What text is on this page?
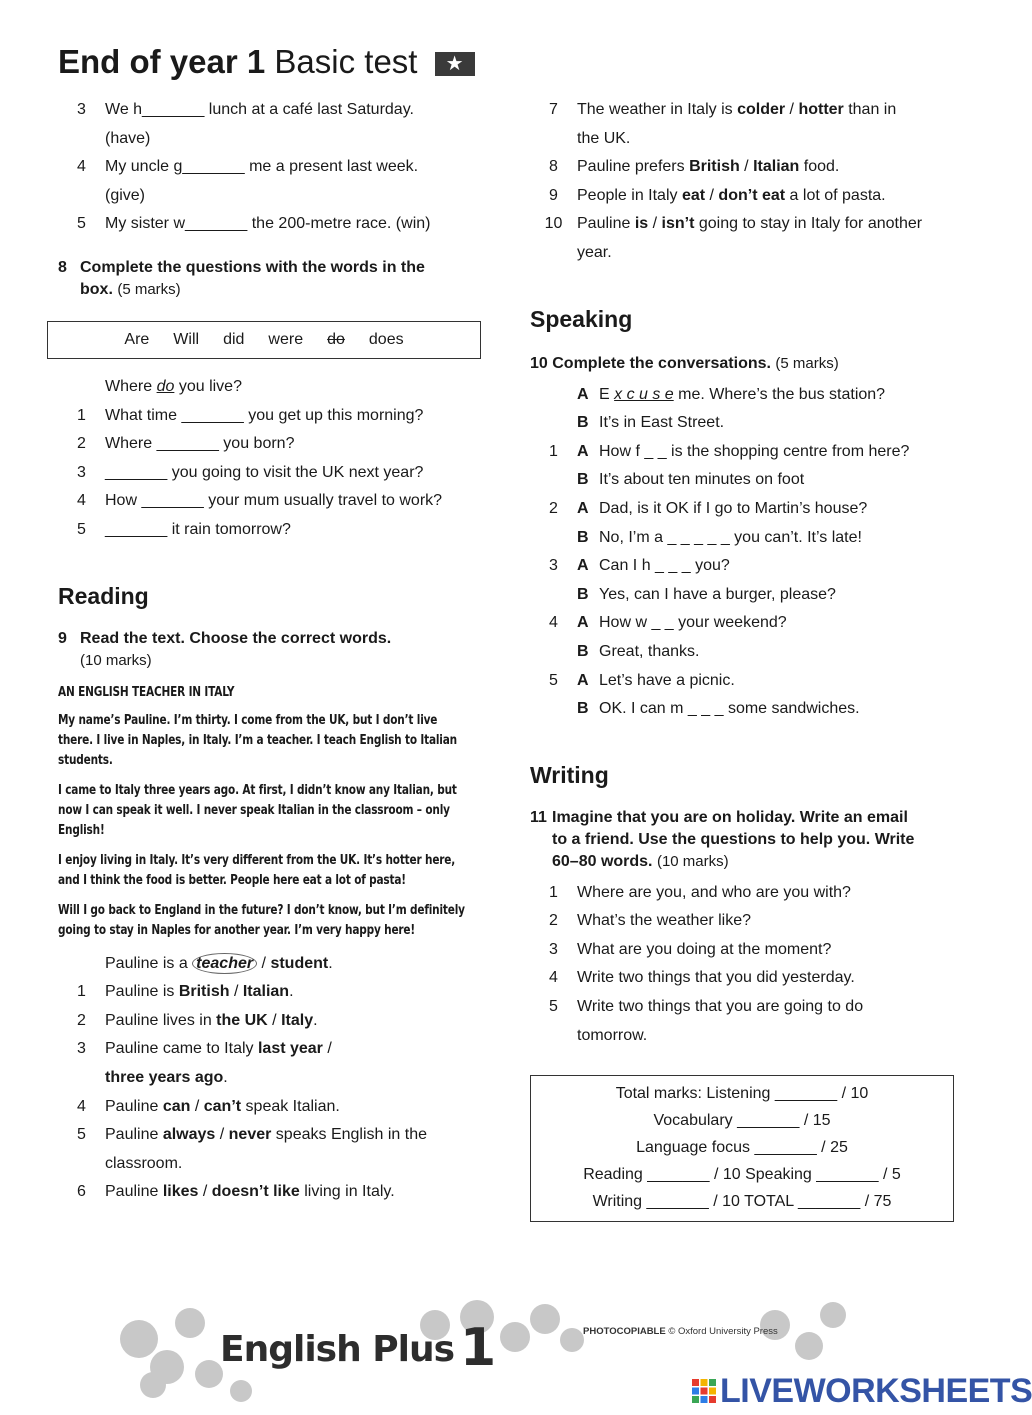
End of year 1 Basic test ★
3	We h_______ lunch at a café last Saturday.
(have)
4	My uncle g_______ me a present last week.
(give)
5	My sister w_______ the 200-metre race. (win)
8 Complete the questions with the words in the
box. (5 marks)
Are Will did were do does
Where do you live?
1	What time _______ you get up this morning?
2	Where _______ you born?
3	_______ you going to visit the UK next year?
4	How _______ your mum usually travel to work?
5	_______ it rain tomorrow?
Reading
9 Read the text. Choose the correct words.
(10 marks)

AN ENGLISH TEACHER IN ITALY

My name’s Pauline. I’m thirty. I come from the UK, but I don’t live there. I live in Naples, in Italy. I’m a teacher. I teach English to Italian students.

I came to Italy three years ago. At first, I didn’t know any Italian, but now I can speak it well. I never speak Italian in the classroom – only English!

I enjoy living in Italy. It’s very different from the UK. It’s hotter here, and I think the food is better. People here eat a lot of pasta!

Will I go back to England in the future? I don’t know, but I’m definitely going to stay in Naples for another year. I’m very happy here!

Pauline is a teacher / student.
1	Pauline is British / Italian.
2	Pauline lives in the UK / Italy.
3	Pauline came to Italy last year /
three years ago.
4	Pauline can / can’t speak Italian.
5	Pauline always / never speaks English in the
classroom.
6	Pauline likes / doesn’t like living in Italy.
7	The weather in Italy is colder / hotter than in
the UK.
8	Pauline prefers British / Italian food.
9	People in Italy eat / don’t eat a lot of pasta.
10 Pauline is / isn’t going to stay in Italy for another
year.
Speaking
10 Complete the conversations. (5 marks)
A E x c u s e me. Where’s the bus station?
B It’s in East Street.
1	A How f _ _ is the shopping centre from here?
B It’s about ten minutes on foot
2	A Dad, is it OK if I go to Martin’s house?
B No, I’m a _ _ _ _ _ you can’t. It’s late!
3	A Can I h _ _ _ you?
B Yes, can I have a burger, please?
4	A How w _ _ your weekend?
B Great, thanks.
5	A Let’s have a picnic.
B OK. I can m _ _ _ some sandwiches.
Writing
11 Imagine that you are on holiday. Write an email
to a friend. Use the questions to help you. Write
60–80 words. (10 marks)
1	Where are you, and who are you with?
2	What’s the weather like?
3	What are you doing at the moment?
4	Write two things that you did yesterday.
5	Write two things that you are going to do
tomorrow.
Total marks: Listening _______ / 10
Vocabulary _______ / 15
Language focus _______ / 25
Reading _______ / 10 Speaking _______ / 5
Writing _______ / 10 TOTAL _______ / 75
English Plus 1	PHOTOCOPIABLE © Oxford University Press
LIVEWORKSHEETS
